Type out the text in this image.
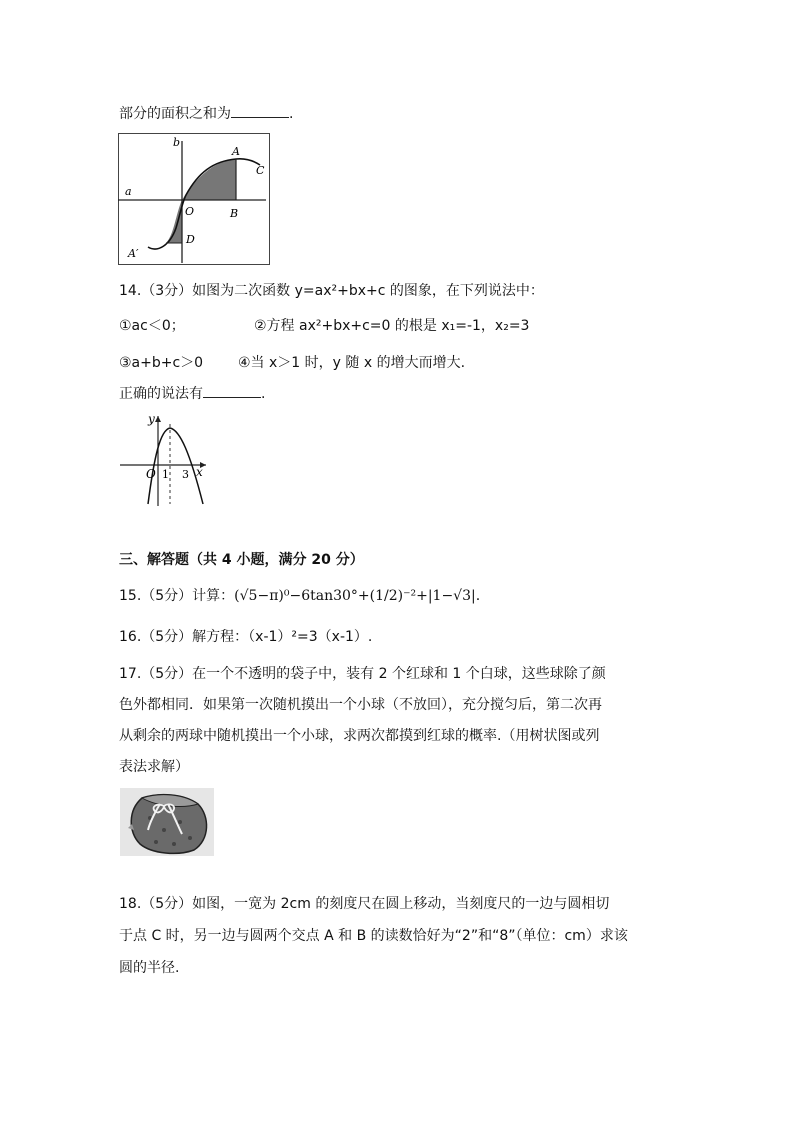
部分的面积之和为	.
b
a
A
C
O	B
D
A′
14.（3分）如图为二次函数 y=ax²+bx+c 的图象，在下列说法中：
①ac＜0；	②方程 ax²+bx+c=0 的根是 x₁=-1，x₂=3
③a+b+c＞0 ④当 x＞1 时，y 随 x 的增大而增大.
正确的说法有	.
y
x
O 1 3
三、解答题（共 4 小题，满分 20 分）
15.（5分）计算：(√5−π)⁰−6tan30°+(1/2)⁻²+|1−√3|.
16.（5分）解方程：（x-1）²=3（x-1）.
17.（5分）在一个不透明的袋子中，装有 2 个红球和 1 个白球，这些球除了颜
色外都相同．如果第一次随机摸出一个小球（不放回），充分搅匀后，第二次再
从剩余的两球中随机摸出一个小球，求两次都摸到红球的概率.（用树状图或列
表法求解）
18.（5分）如图，一宽为 2cm 的刻度尺在圆上移动，当刻度尺的一边与圆相切
于点 C 时，另一边与圆两个交点 A 和 B 的读数恰好为“2”和“8”（单位：cm）求该
圆的半径.
